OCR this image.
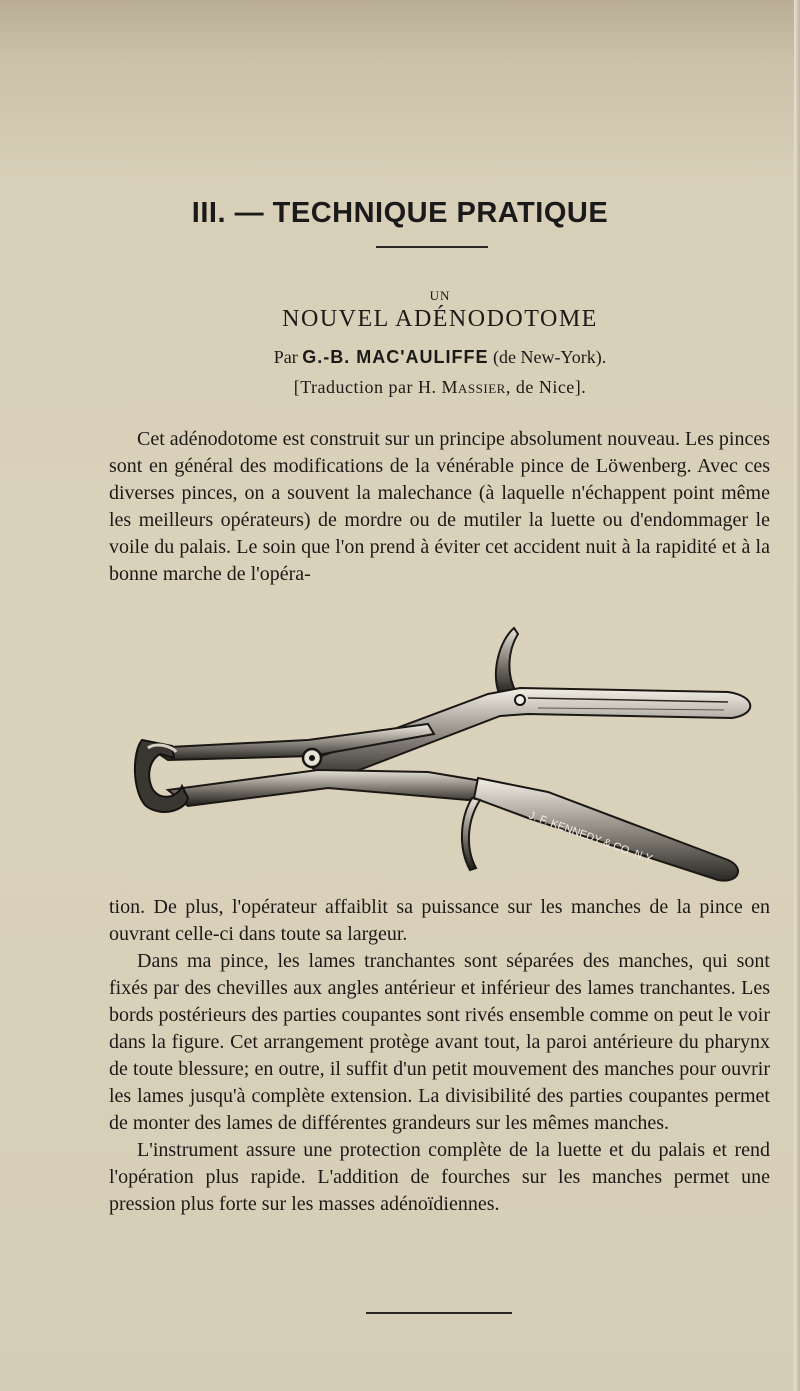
III. — TECHNIQUE PRATIQUE
UN
NOUVEL ADÉNODOTOME
Par G.-B. MAC'AULIFFE (de New-York).
[Traduction par H. Massier, de Nice].

Cet adénodotome est construit sur un principe absolument nouveau. Les pinces sont en général des modifications de la vénérable pince de Löwenberg. Avec ces diverses pinces, on a souvent la malechance (à laquelle n'échappent point même les meilleurs opérateurs) de mordre ou de mutiler la luette ou d'endommager le voile du palais. Le soin que l'on prend à éviter cet accident nuit à la rapidité et à la bonne marche de l'opéra-

J. F. KENNEDY & CO. N.Y.

tion. De plus, l'opérateur affaiblit sa puissance sur les manches de la pince en ouvrant celle-ci dans toute sa largeur.

Dans ma pince, les lames tranchantes sont séparées des manches, qui sont fixés par des chevilles aux angles antérieur et inférieur des lames tranchantes. Les bords postérieurs des parties coupantes sont rivés ensemble comme on peut le voir dans la figure. Cet arrangement protège avant tout, la paroi antérieure du pharynx de toute blessure; en outre, il suffit d'un petit mouvement des manches pour ouvrir les lames jusqu'à complète extension. La divisibilité des parties coupantes permet de monter des lames de différentes grandeurs sur les mêmes manches.

L'instrument assure une protection complète de la luette et du palais et rend l'opération plus rapide. L'addition de fourches sur les manches permet une pression plus forte sur les masses adénoïdiennes.
